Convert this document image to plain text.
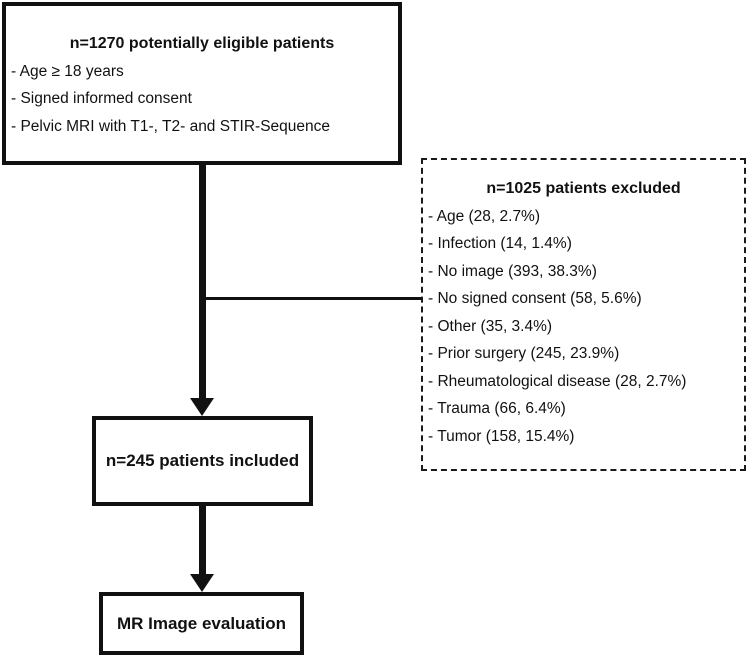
n=1270 potentially eligible patients
- Age ≥ 18 years
- Signed informed consent
- Pelvic MRI with T1-, T2- and STIR-Sequence
n=1025 patients excluded
- Age (28, 2.7%)
- Infection (14, 1.4%)
- No image (393, 38.3%)
- No signed consent (58, 5.6%)
- Other (35, 3.4%)
- Prior surgery (245, 23.9%)
- Rheumatological disease (28, 2.7%)
- Trauma (66, 6.4%)
- Tumor (158, 15.4%)
n=245 patients included
MR Image evaluation
